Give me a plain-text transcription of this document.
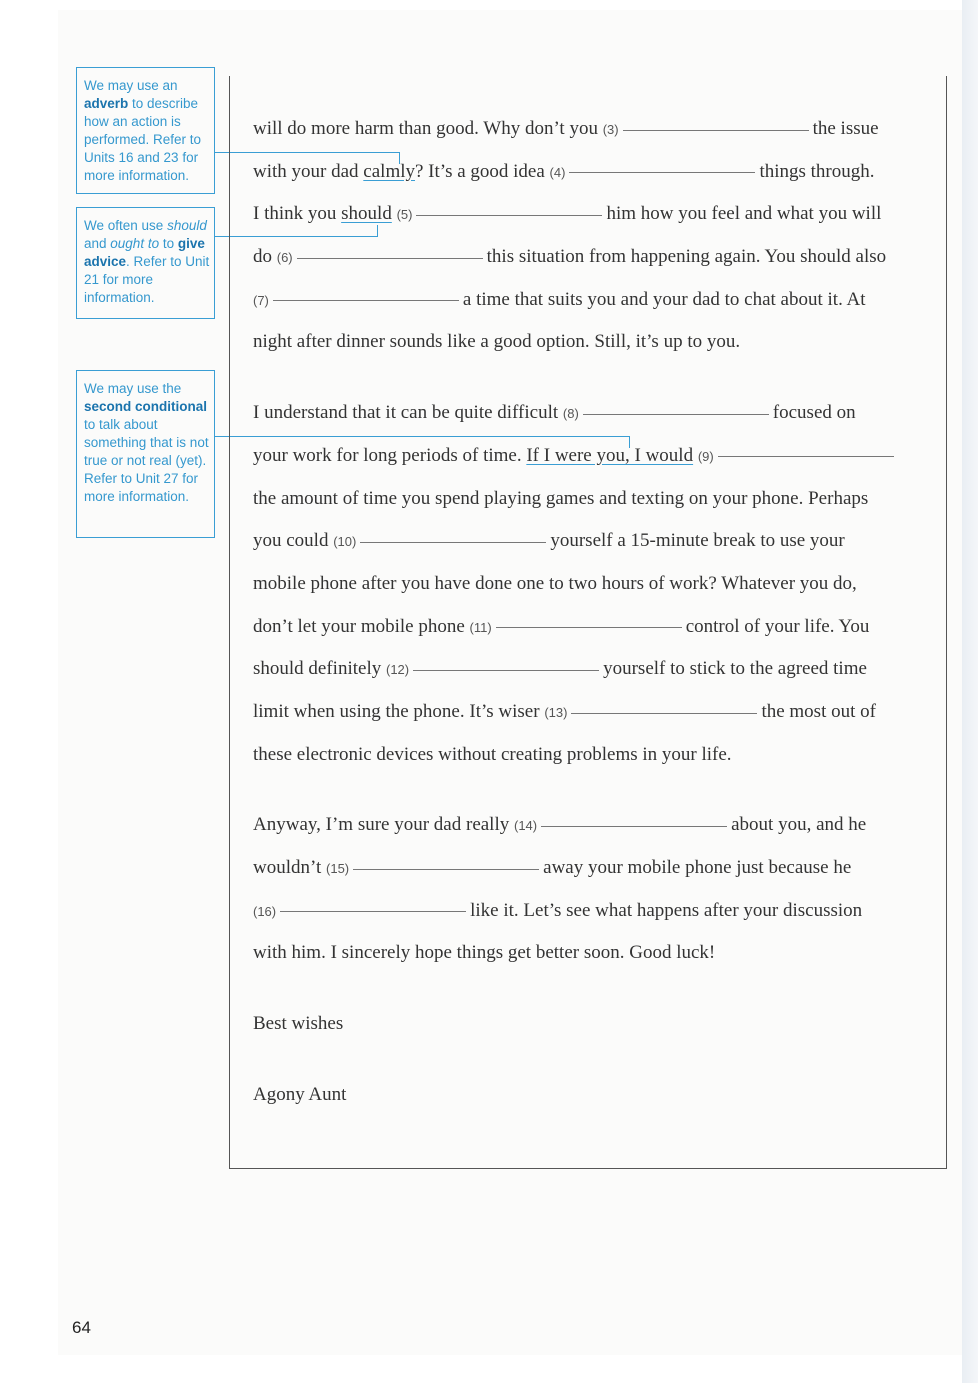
We may use an adverb to describe how an action is performed. Refer to Units 16 and 23 for more information.
We often use should and ought to to give advice. Refer to Unit 21 for more information.
We may use the second conditional to talk about something that is not true or not real (yet). Refer to Unit 27 for more information.
will do more harm than good. Why don’t you (3)	the issue
with your dad calmly? It’s a good idea (4)	things through.
I think you should (5)	him how you feel and what you will
do (6)	this situation from happening again. You should also
(7)	a time that suits you and your dad to chat about it. At
night after dinner sounds like a good option. Still, it’s up to you.
I understand that it can be quite difficult (8)	focused on
your work for long periods of time. If I were you, I would (9)
the amount of time you spend playing games and texting on your phone. Perhaps
you could (10)	yourself a 15-minute break to use your
mobile phone after you have done one to two hours of work? Whatever you do,
don’t let your mobile phone (11)	control of your life. You
should definitely (12)	yourself to stick to the agreed time
limit when using the phone. It’s wiser (13)	the most out of
these electronic devices without creating problems in your life.
Anyway, I’m sure your dad really (14)	about you, and he
wouldn’t (15)	away your mobile phone just because he
(16)	like it. Let’s see what happens after your discussion
with him. I sincerely hope things get better soon. Good luck!
Best wishes
Agony Aunt
64
